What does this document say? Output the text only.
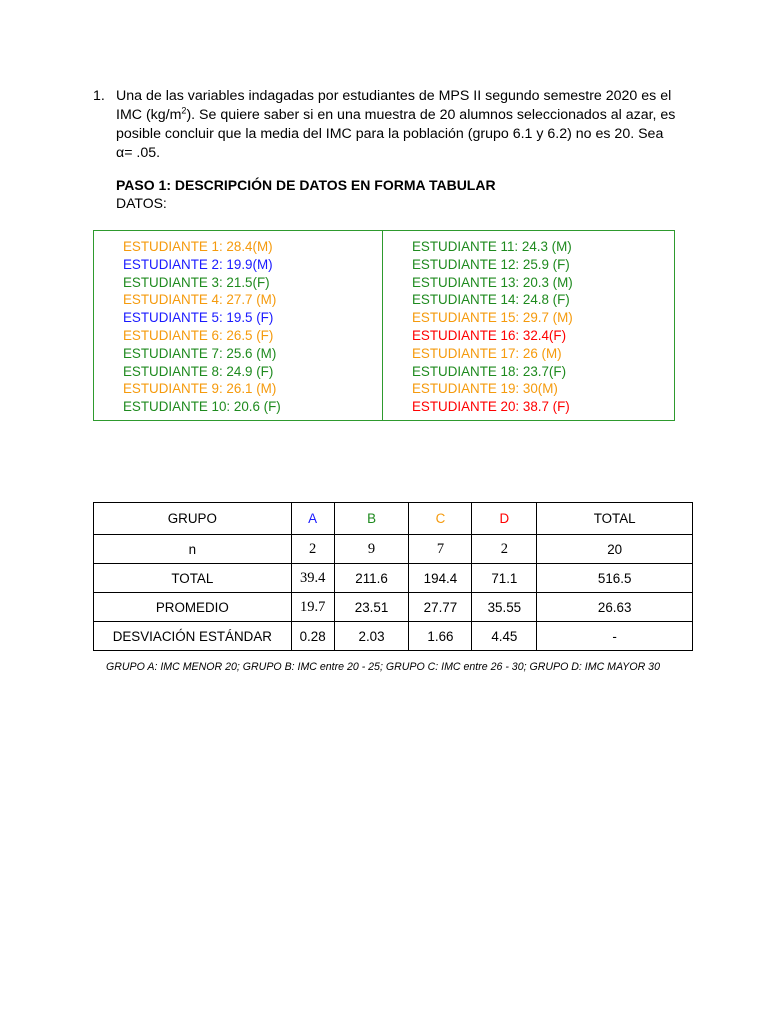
1. Una de las variables indagadas por estudiantes de MPS II segundo semestre 2020 es el IMC $(kg/m^2)$. Se quiere saber si en una muestra de 20 alumnos seleccionados al azar, es posible concluir que la media del IMC para la población (grupo 6.1 y 6.2) no es 20. Sea α= .05.
PASO 1: DESCRIPCIÓN DE DATOS EN FORMA TABULAR
DATOS:
ESTUDIANTE 1: 28.4(M)
ESTUDIANTE 2: 19.9(M)
ESTUDIANTE 3: 21.5(F)
ESTUDIANTE 4: 27.7 (M)
ESTUDIANTE 5: 19.5 (F)
ESTUDIANTE 6: 26.5 (F)
ESTUDIANTE 7: 25.6 (M)
ESTUDIANTE 8: 24.9 (F)
ESTUDIANTE 9: 26.1 (M)
ESTUDIANTE 10: 20.6 (F)
ESTUDIANTE 11: 24.3 (M)
ESTUDIANTE 12: 25.9 (F)
ESTUDIANTE 13: 20.3 (M)
ESTUDIANTE 14: 24.8 (F)
ESTUDIANTE 15: 29.7 (M)
ESTUDIANTE 16: 32.4(F)
ESTUDIANTE 17: 26 (M)
ESTUDIANTE 18: 23.7(F)
ESTUDIANTE 19: 30(M)
ESTUDIANTE 20: 38.7 (F)
GRUPO	A	B	C	D	TOTAL
n	2	9	7	2	20
TOTAL	39.4	211.6	194.4	71.1	516.5
PROMEDIO	19.7	23.51	27.77	35.55	26.63
DESVIACIÓN ESTÁNDAR	0.28	2.03	1.66	4.45	-
GRUPO A: IMC MENOR 20; GRUPO B: IMC entre 20 - 25; GRUPO C: IMC entre 26 - 30; GRUPO D: IMC MAYOR 30
